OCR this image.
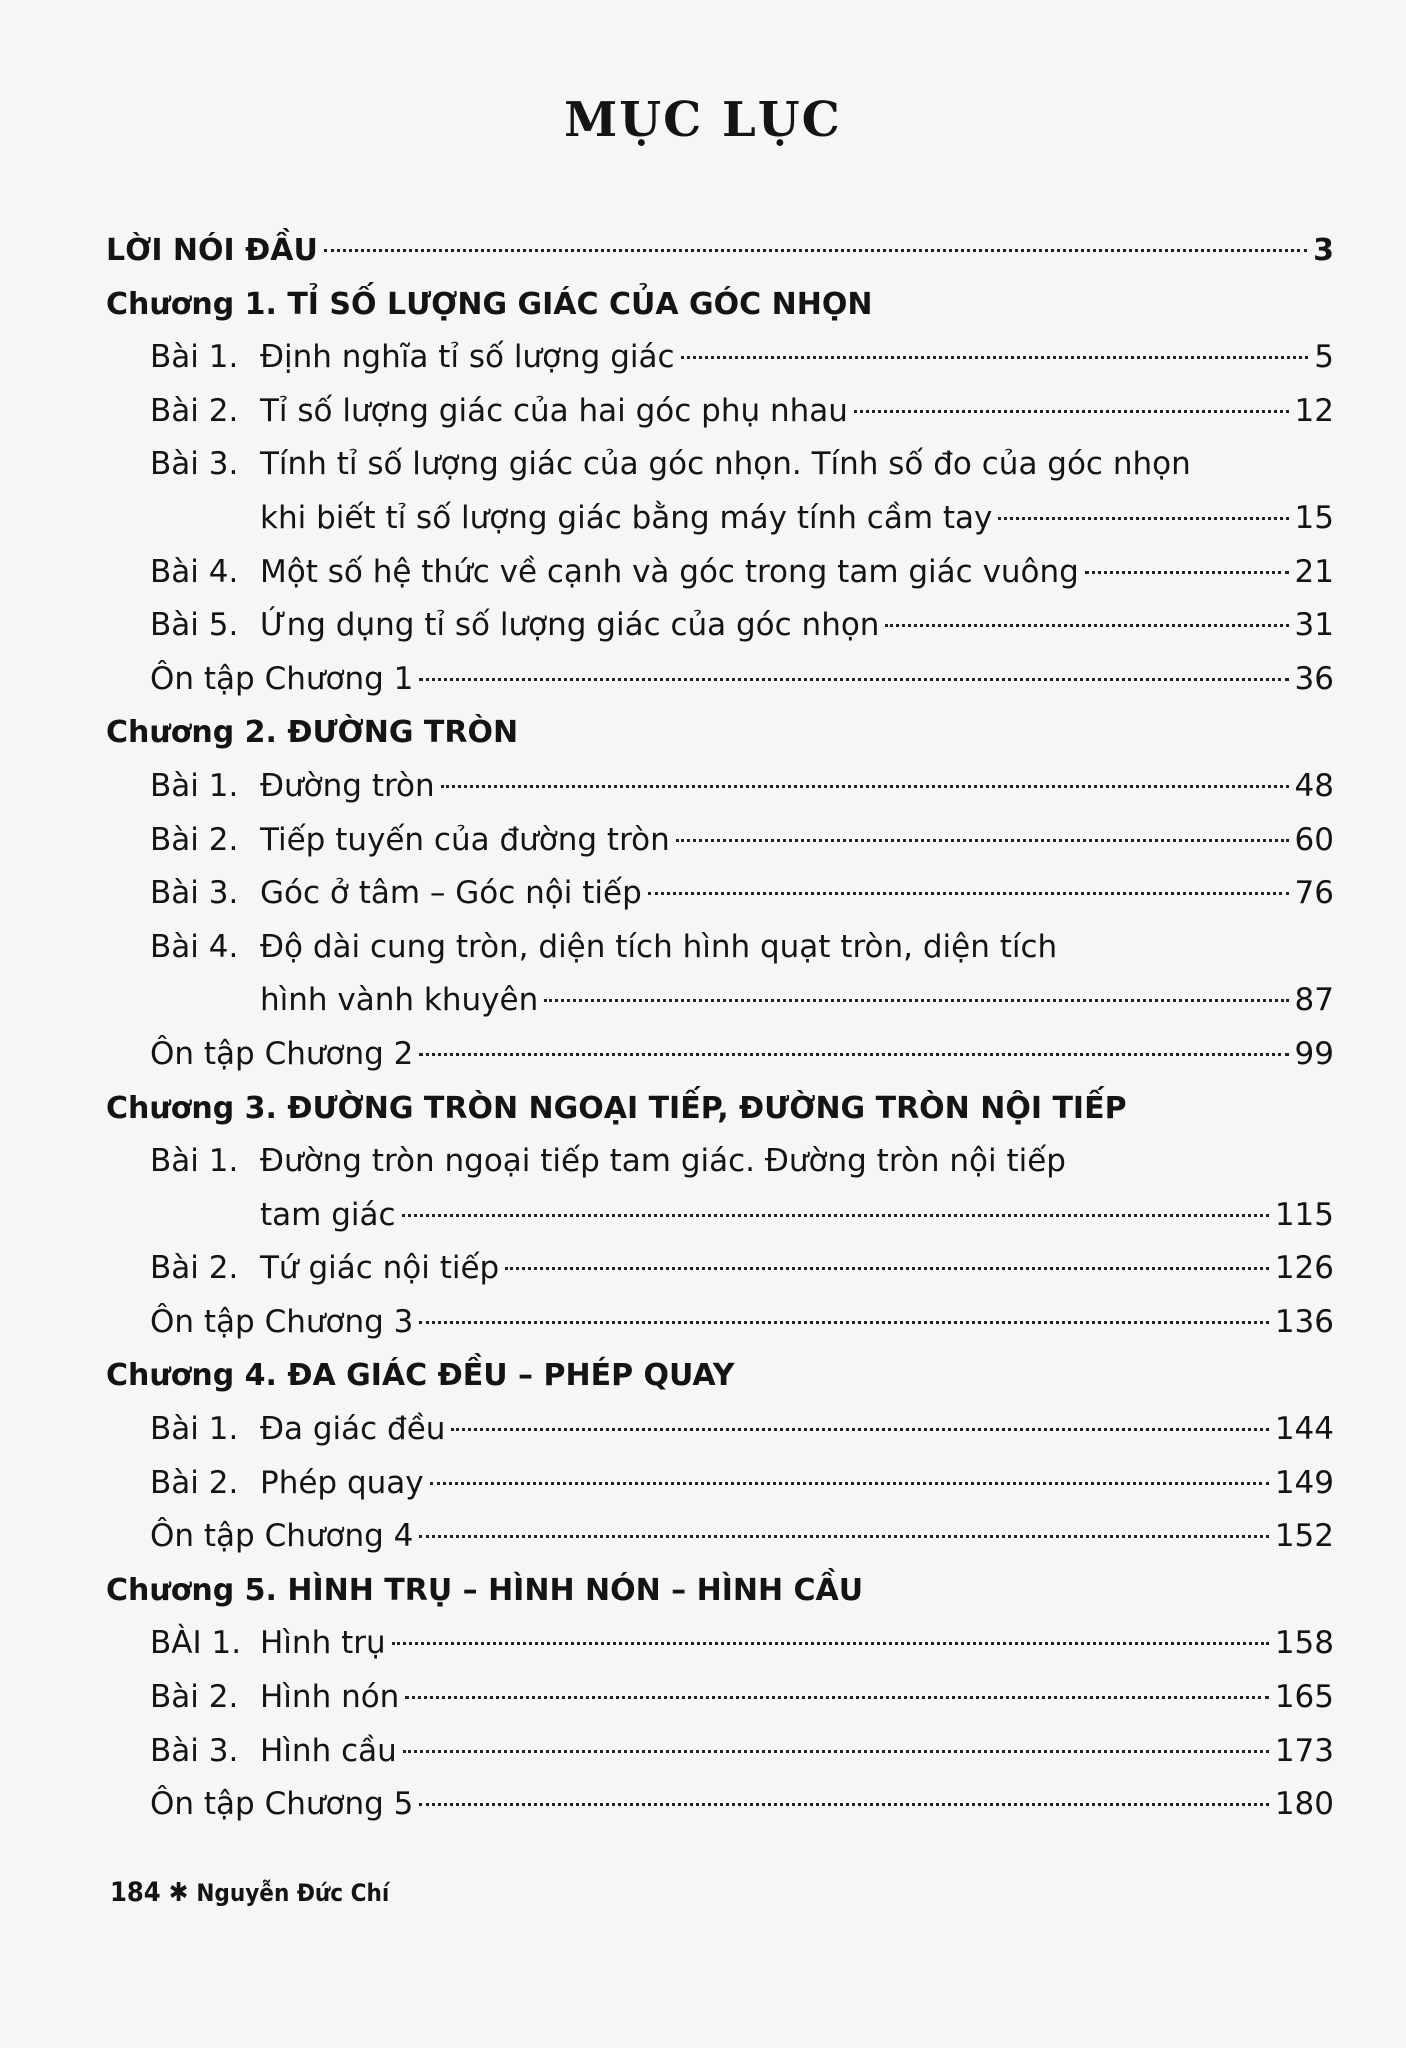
MỤC LỤC
LỜI NÓI ĐẦU	3
Chương 1. TỈ SỐ LƯỢNG GIÁC CỦA GÓC NHỌN
Bài 1. Định nghĩa tỉ số lượng giác	5
Bài 2. Tỉ số lượng giác của hai góc phụ nhau	12
Bài 3. Tính tỉ số lượng giác của góc nhọn. Tính số đo của góc nhọn
khi biết tỉ số lượng giác bằng máy tính cầm tay	15
Bài 4. Một số hệ thức về cạnh và góc trong tam giác vuông	21
Bài 5. Ứng dụng tỉ số lượng giác của góc nhọn	31
Ôn tập Chương 1	36
Chương 2. ĐƯỜNG TRÒN
Bài 1. Đường tròn	48
Bài 2. Tiếp tuyến của đường tròn	60
Bài 3. Góc ở tâm – Góc nội tiếp	76
Bài 4. Độ dài cung tròn, diện tích hình quạt tròn, diện tích
hình vành khuyên	87
Ôn tập Chương 2	99
Chương 3. ĐƯỜNG TRÒN NGOẠI TIẾP, ĐƯỜNG TRÒN NỘI TIẾP
Bài 1. Đường tròn ngoại tiếp tam giác. Đường tròn nội tiếp
tam giác	115
Bài 2. Tứ giác nội tiếp	126
Ôn tập Chương 3	136
Chương 4. ĐA GIÁC ĐỀU – PHÉP QUAY
Bài 1. Đa giác đều	144
Bài 2. Phép quay	149
Ôn tập Chương 4	152
Chương 5. HÌNH TRỤ – HÌNH NÓN – HÌNH CẦU
BÀI 1. Hình trụ	158
Bài 2. Hình nón	165
Bài 3. Hình cầu	173
Ôn tập Chương 5	180
184 ✱ Nguyễn Đức Chí
